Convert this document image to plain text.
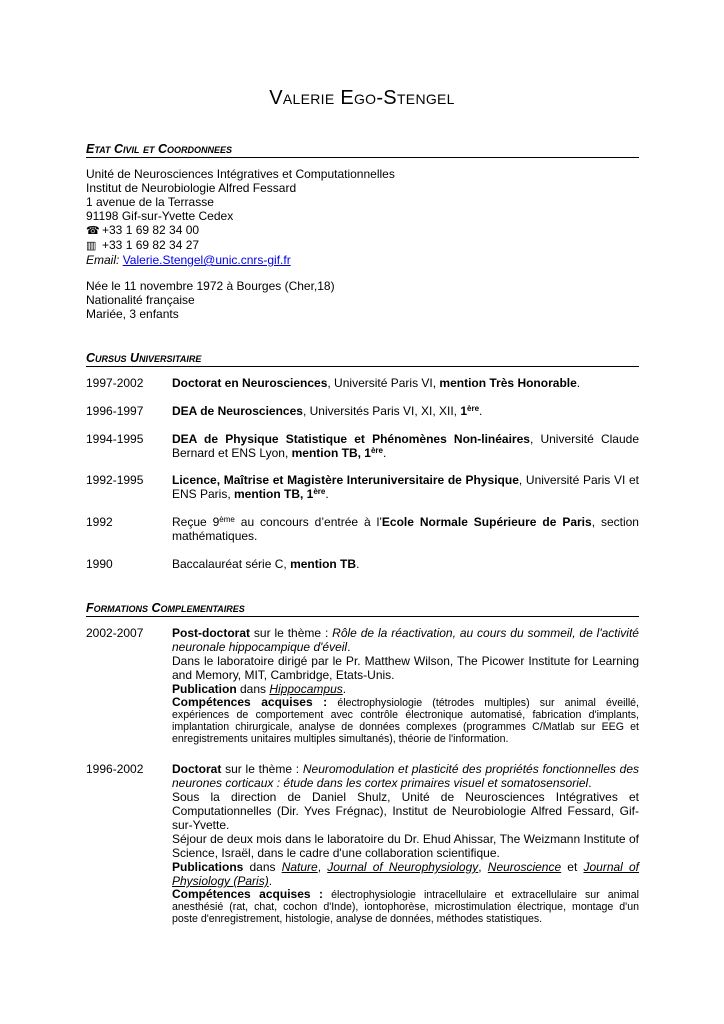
Valerie Ego-Stengel
Etat Civil et Coordonnees
Unité de Neurosciences Intégratives et Computationnelles
Institut de Neurobiologie Alfred Fessard
1 avenue de la Terrasse
91198 Gif-sur-Yvette Cedex
☎ +33 1 69 82 34 00
▥ +33 1 69 82 34 27
Email: Valerie.Stengel@unic.cnrs-gif.fr
Née le 11 novembre 1972 à Bourges (Cher,18)
Nationalité française
Mariée, 3 enfants
Cursus Universitaire
1997-2002	Doctorat en Neurosciences, Université Paris VI, mention Très Honorable.
1996-1997	DEA de Neurosciences, Universités Paris VI, XI, XII, 1ère.
1994-1995	DEA de Physique Statistique et Phénomènes Non-linéaires, Université Claude Bernard et ENS Lyon, mention TB, 1ère.
1992-1995	Licence, Maîtrise et Magistère Interuniversitaire de Physique, Université Paris VI et ENS Paris, mention TB, 1ère.
1992	Reçue 9ème au concours d’entrée à l’Ecole Normale Supérieure de Paris, section mathématiques.
1990	Baccalauréat série C, mention TB.
Formations Complementaires
2002-2007	Post-doctorat sur le thème : Rôle de la réactivation, au cours du sommeil, de l'activité neuronale hippocampique d'éveil.

Dans le laboratoire dirigé par le Pr. Matthew Wilson, The Picower Institute for Learning and Memory, MIT, Cambridge, Etats-Unis.

Publication dans Hippocampus.

Compétences acquises : électrophysiologie (tétrodes multiples) sur animal éveillé, expériences de comportement avec contrôle électronique automatisé, fabrication d'implants, implantation chirurgicale, analyse de données complexes (programmes C/Matlab sur EEG et enregistrements unitaires multiples simultanés), théorie de l'information.

1996-2002	Doctorat sur le thème : Neuromodulation et plasticité des propriétés fonctionnelles des neurones corticaux : étude dans les cortex primaires visuel et somatosensoriel.

Sous la direction de Daniel Shulz, Unité de Neurosciences Intégratives et Computationnelles (Dir. Yves Frégnac), Institut de Neurobiologie Alfred Fessard, Gif-sur-Yvette.

Séjour de deux mois dans le laboratoire du Dr. Ehud Ahissar, The Weizmann Institute of Science, Israël, dans le cadre d'une collaboration scientifique.

Publications dans Nature, Journal of Neurophysiology, Neuroscience et Journal of Physiology (Paris).

Compétences acquises : électrophysiologie intracellulaire et extracellulaire sur animal anesthésié (rat, chat, cochon d'Inde), iontophorèse, microstimulation électrique, montage d'un poste d'enregistrement, histologie, analyse de données, méthodes statistiques.
